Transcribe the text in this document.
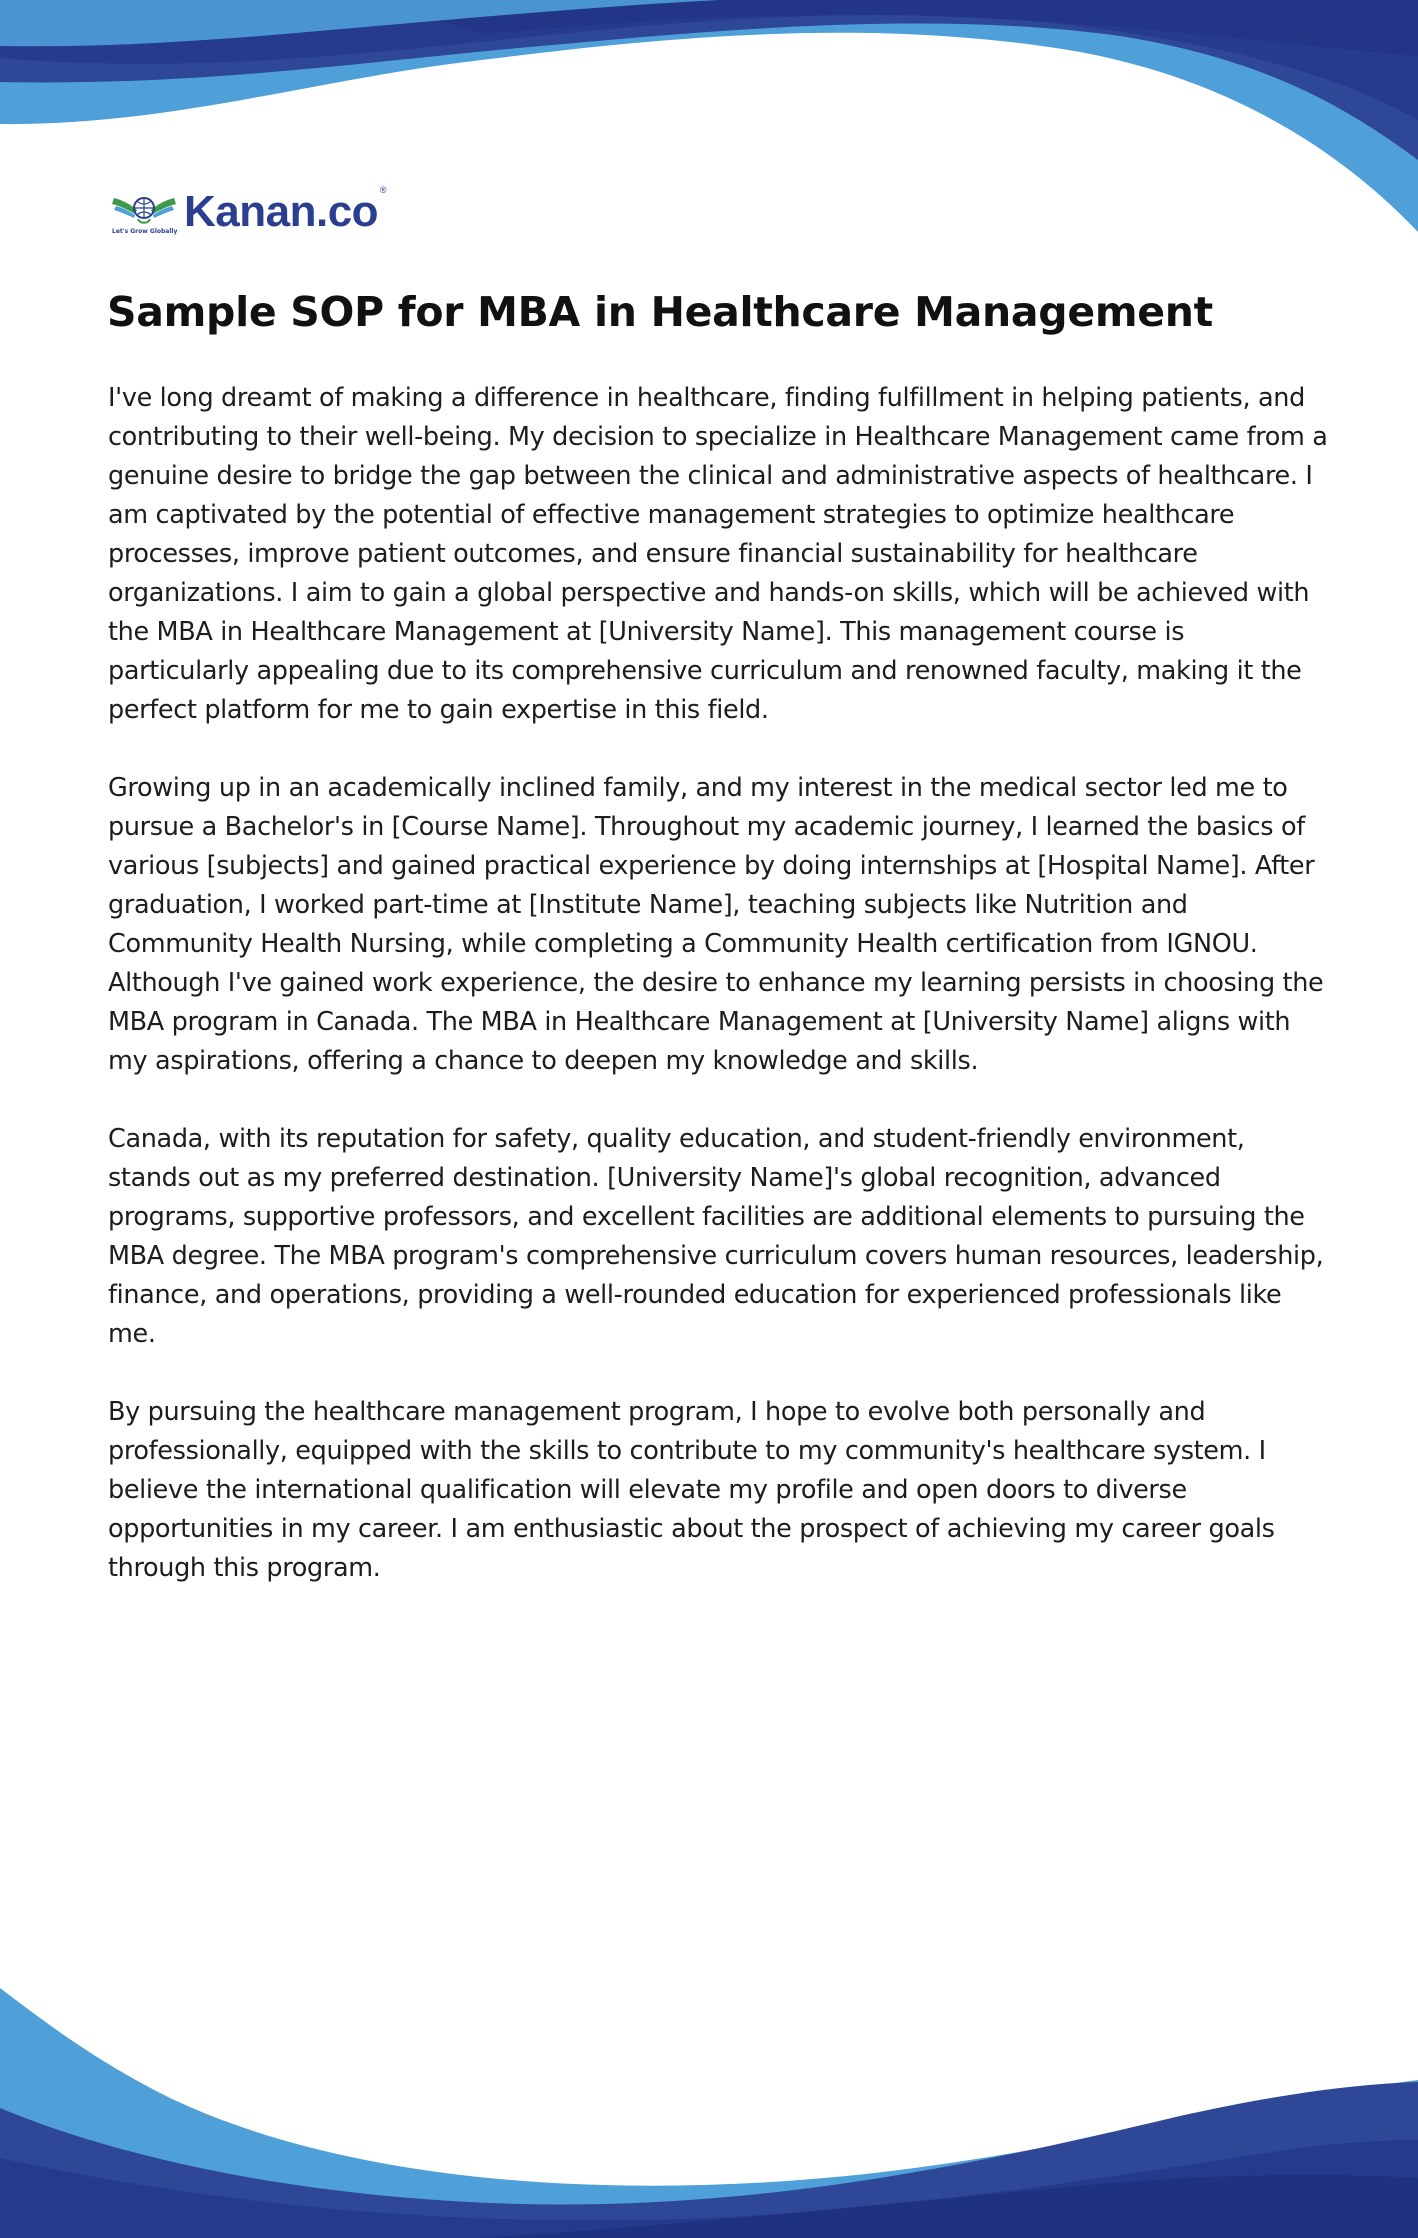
Let's Grow Globally Kanan.co ®
Sample SOP for MBA in Healthcare Management

I've long dreamt of making a difference in healthcare, finding fulfillment in helping patients, and contributing to their well-being. My decision to specialize in Healthcare Management came from a genuine desire to bridge the gap between the clinical and administrative aspects of healthcare. I am captivated by the potential of effective management strategies to optimize healthcare processes, improve patient outcomes, and ensure financial sustainability for healthcare organizations. I aim to gain a global perspective and hands-on skills, which will be achieved with the MBA in Healthcare Management at [University Name]. This management course is particularly appealing due to its comprehensive curriculum and renowned faculty, making it the perfect platform for me to gain expertise in this field.

Growing up in an academically inclined family, and my interest in the medical sector led me to pursue a Bachelor's in [Course Name]. Throughout my academic journey, I learned the basics of various [subjects] and gained practical experience by doing internships at [Hospital Name]. After graduation, I worked part-time at [Institute Name], teaching subjects like Nutrition and Community Health Nursing, while completing a Community Health certification from IGNOU.

Although I've gained work experience, the desire to enhance my learning persists in choosing the MBA program in Canada. The MBA in Healthcare Management at [University Name] aligns with my aspirations, offering a chance to deepen my knowledge and skills.

Canada, with its reputation for safety, quality education, and student-friendly environment, stands out as my preferred destination. [University Name]'s global recognition, advanced programs, supportive professors, and excellent facilities are additional elements to pursuing the MBA degree. The MBA program's comprehensive curriculum covers human resources, leadership, finance, and operations, providing a well-rounded education for experienced professionals like me.

By pursuing the healthcare management program, I hope to evolve both personally and professionally, equipped with the skills to contribute to my community's healthcare system. I believe the international qualification will elevate my profile and open doors to diverse opportunities in my career. I am enthusiastic about the prospect of achieving my career goals through this program.
